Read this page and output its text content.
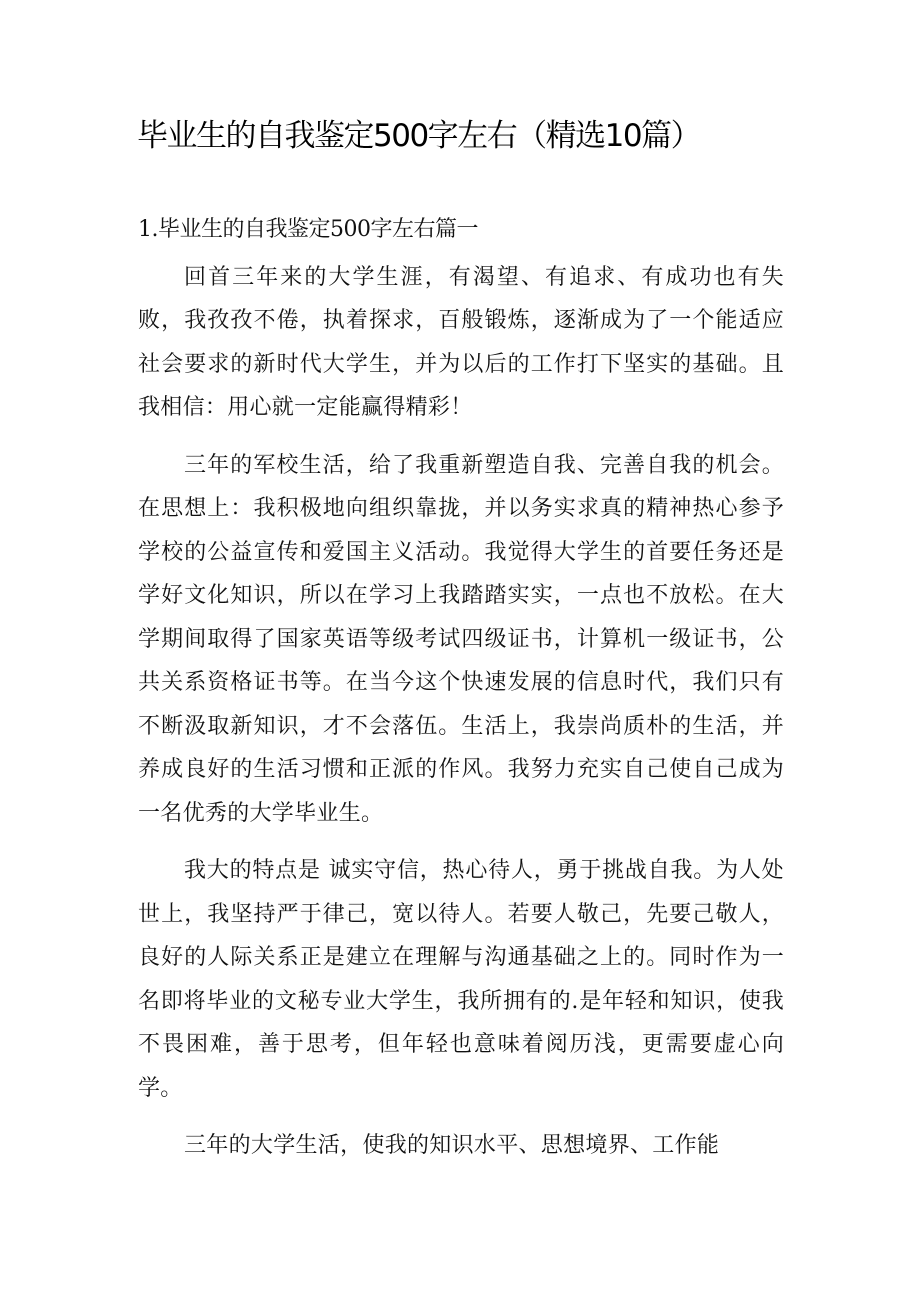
毕业生的自我鉴定500字左右（精选10篇）
1.毕业生的自我鉴定500字左右篇一

回首三年来的大学生涯，有渴望、有追求、有成功也有失败，我孜孜不倦，执着探求，百般锻炼，逐渐成为了一个能适应社会要求的新时代大学生，并为以后的工作打下坚实的基础。且我相信：用心就一定能赢得精彩！

三年的军校生活，给了我重新塑造自我、完善自我的机会。在思想上：我积极地向组织靠拢，并以务实求真的精神热心参予学校的公益宣传和爱国主义活动。我觉得大学生的首要任务还是学好文化知识，所以在学习上我踏踏实实，一点也不放松。在大学期间取得了国家英语等级考试四级证书，计算机一级证书，公共关系资格证书等。在当今这个快速发展的信息时代，我们只有不断汲取新知识，才不会落伍。生活上，我崇尚质朴的生活，并养成良好的生活习惯和正派的作风。我努力充实自己使自己成为一名优秀的大学毕业生。

我大的特点是 诚实守信，热心待人，勇于挑战自我。为人处世上，我坚持严于律己，宽以待人。若要人敬己，先要己敬人，良好的人际关系正是建立在理解与沟通基础之上的。同时作为一名即将毕业的文秘专业大学生，我所拥有的.是年轻和知识，使我不畏困难，善于思考，但年轻也意味着阅历浅，更需要虚心向学。

三年的大学生活，使我的知识水平、思想境界、工作能
